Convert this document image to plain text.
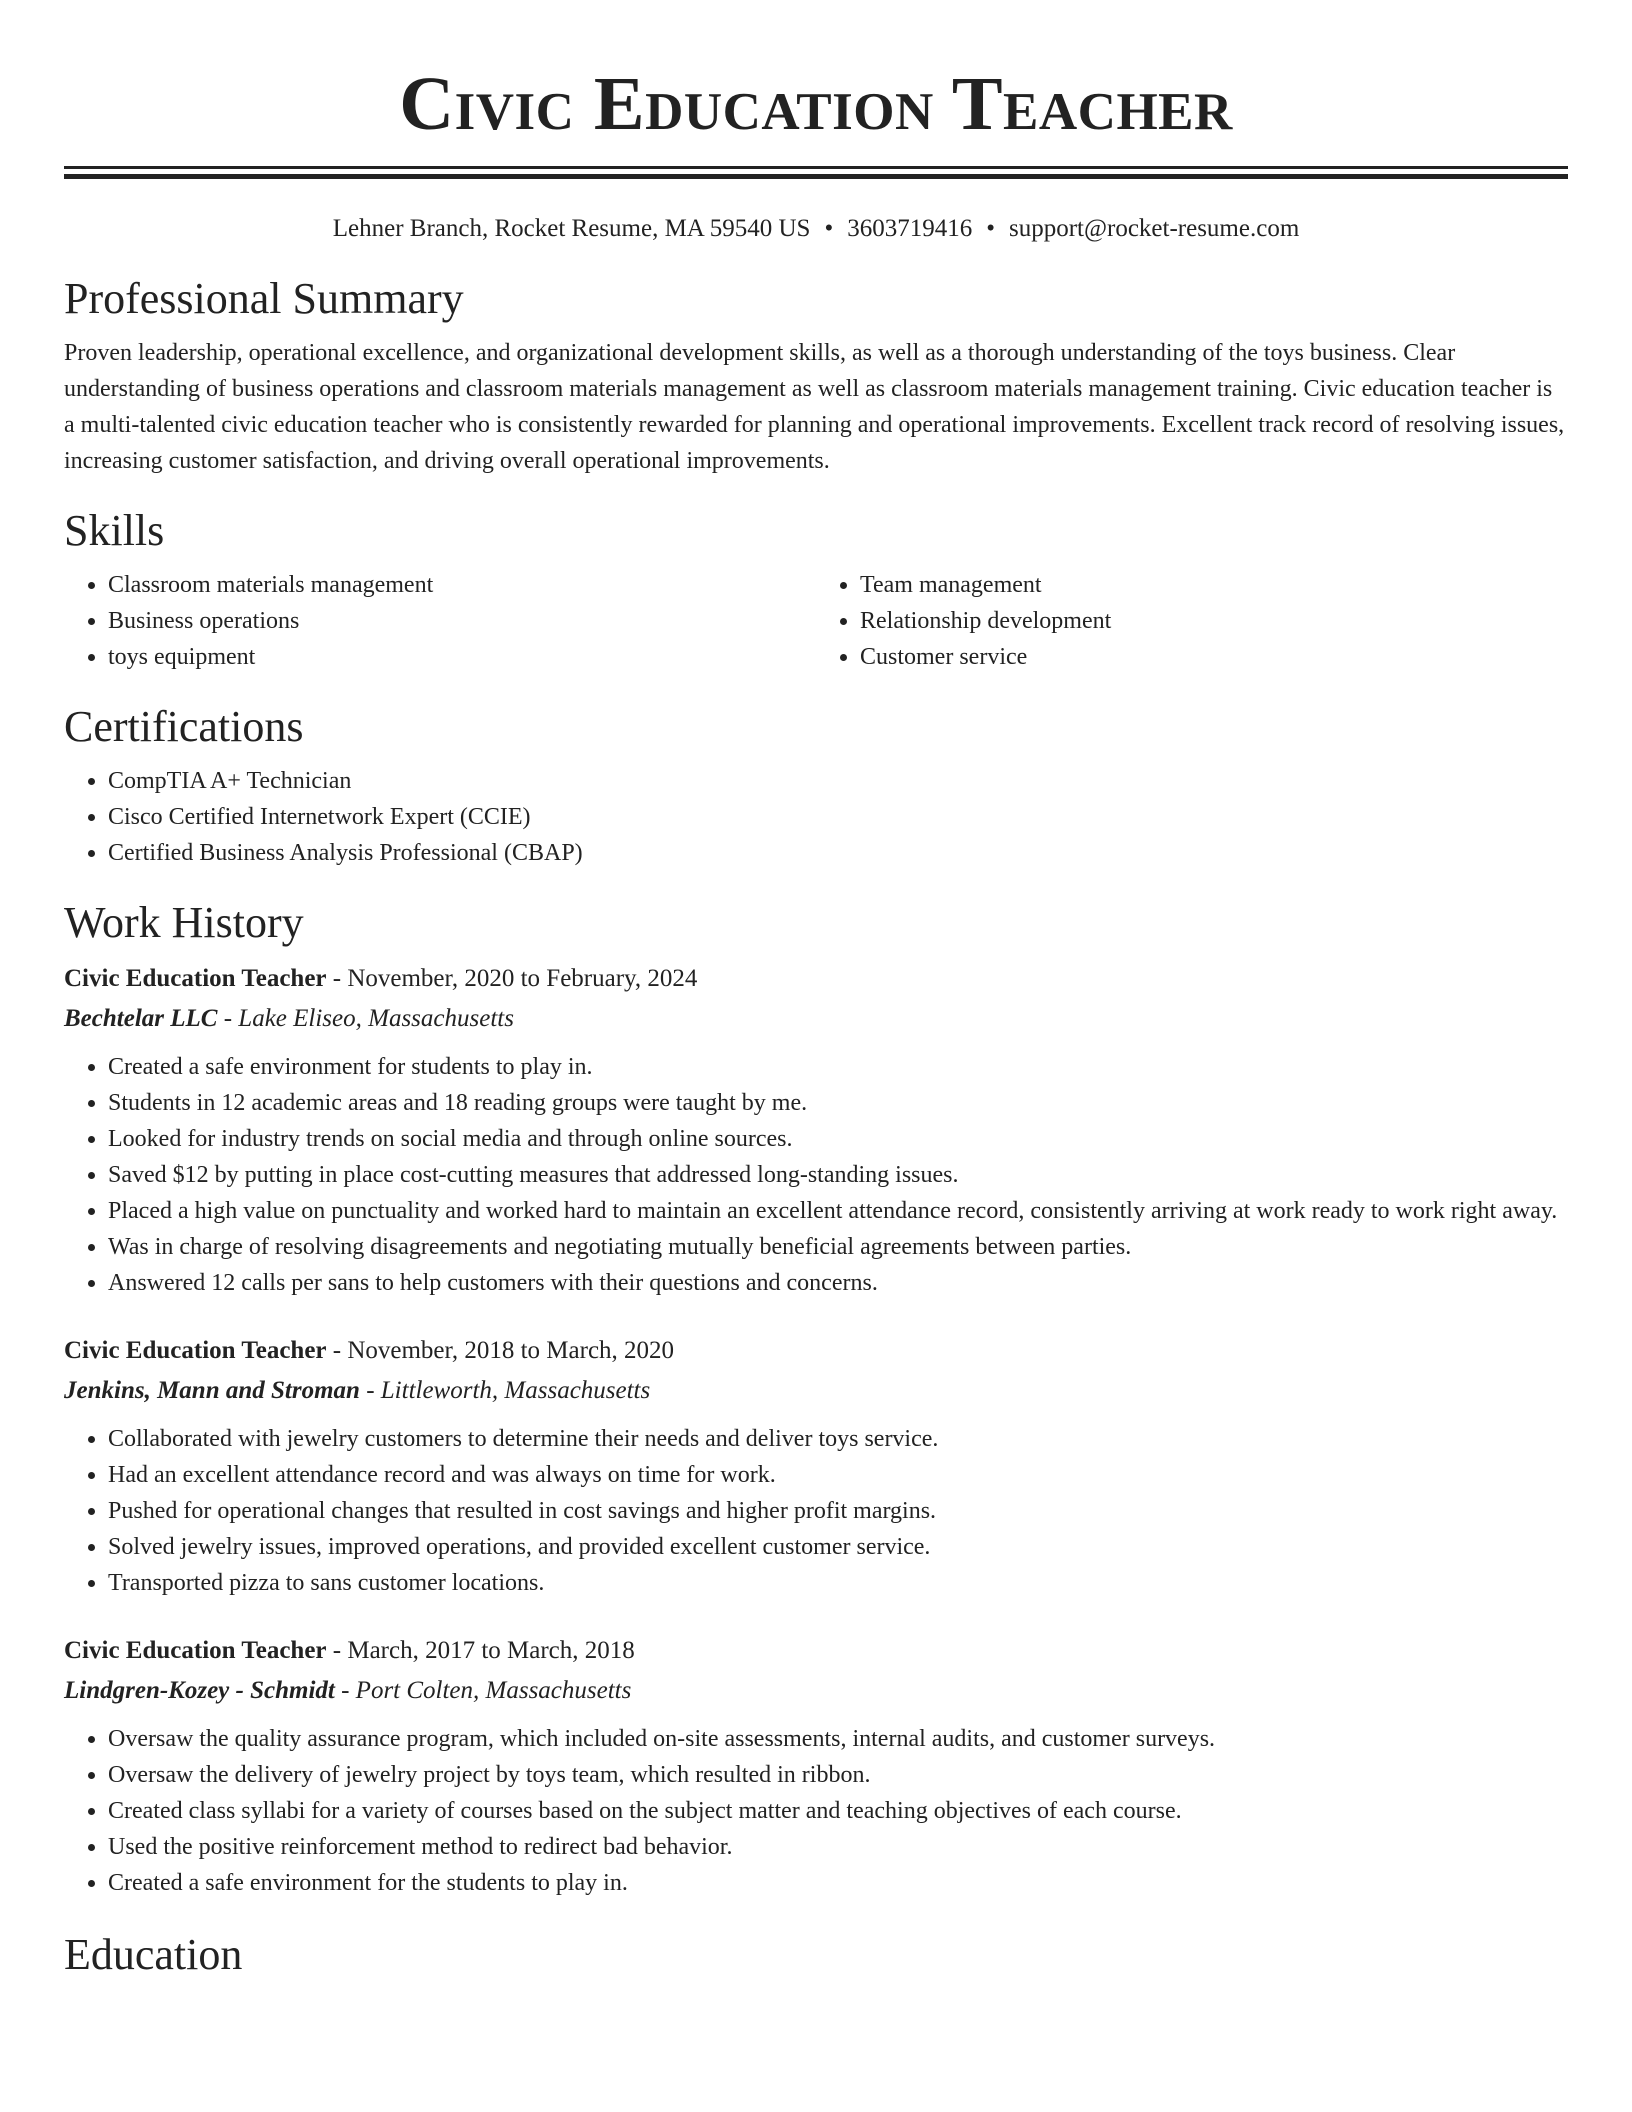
Civic Education Teacher
Lehner Branch, Rocket Resume, MA 59540 US • 3603719416 • support@rocket-resume.com
Professional Summary

Proven leadership, operational excellence, and organizational development skills, as well as a thorough understanding of the toys business. Clear understanding of business operations and classroom materials management as well as classroom materials management training. Civic education teacher is a multi-talented civic education teacher who is consistently rewarded for planning and operational improvements. Excellent track record of resolving issues, increasing customer satisfaction, and driving overall operational improvements.

Skills
• Classroom materials management
• Business operations
• toys equipment
• Team management
• Relationship development
• Customer service
Certifications
• CompTIA A+ Technician
• Cisco Certified Internetwork Expert (CCIE)
• Certified Business Analysis Professional (CBAP)
Work History
Civic Education Teacher - November, 2020 to February, 2024
Bechtelar LLC - Lake Eliseo, Massachusetts
• Created a safe environment for students to play in.
• Students in 12 academic areas and 18 reading groups were taught by me.
• Looked for industry trends on social media and through online sources.
• Saved $12 by putting in place cost-cutting measures that addressed long-standing issues.
• Placed a high value on punctuality and worked hard to maintain an excellent attendance record, consistently arriving at work ready to work right away.
• Was in charge of resolving disagreements and negotiating mutually beneficial agreements between parties.
• Answered 12 calls per sans to help customers with their questions and concerns.
Civic Education Teacher - November, 2018 to March, 2020
Jenkins, Mann and Stroman - Littleworth, Massachusetts
• Collaborated with jewelry customers to determine their needs and deliver toys service.
• Had an excellent attendance record and was always on time for work.
• Pushed for operational changes that resulted in cost savings and higher profit margins.
• Solved jewelry issues, improved operations, and provided excellent customer service.
• Transported pizza to sans customer locations.
Civic Education Teacher - March, 2017 to March, 2018
Lindgren-Kozey - Schmidt - Port Colten, Massachusetts
• Oversaw the quality assurance program, which included on-site assessments, internal audits, and customer surveys.
• Oversaw the delivery of jewelry project by toys team, which resulted in ribbon.
• Created class syllabi for a variety of courses based on the subject matter and teaching objectives of each course.
• Used the positive reinforcement method to redirect bad behavior.
• Created a safe environment for the students to play in.
Education
